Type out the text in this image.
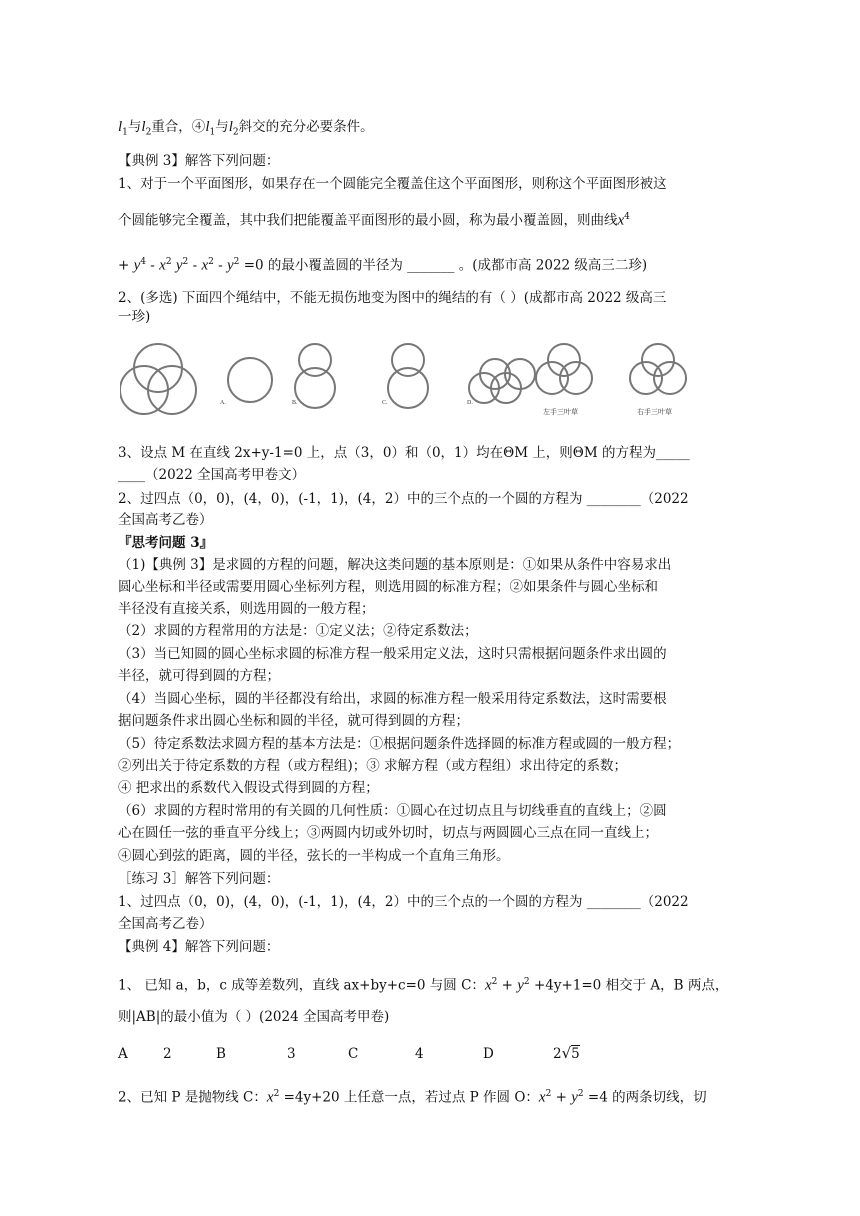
$l_1$与$l_2$重合，$④l_1$与$l_2$斜交的充分必要条件。
【典例 3】解答下列问题：
1、对于一个平面图形，如果存在一个圆能完全覆盖住这个平面图形，则称这个平面图形被这
个圆能够完全覆盖，其中我们把能覆盖平面图形的最小圆，称为最小覆盖圆，则曲线$x^4$
+ $y^4 - x^2$ $y^2 - x^2 - y^2 =0$ 的最小覆盖圆的半径为 _______ 。(成都市高 2022 级高三二珍)
2、(多选) 下面四个绳结中，不能无损伤地变为图中的绳结的有（ ）(成都市高 2022 级高三
一珍)
A.	B.	C.	D.
左手三叶草	右手三叶草
3、设点 M 在直线 2x+y-1=0 上，点（3，0）和（0，1）均在ΘM 上，则ΘM 的方程为_____
____（2022 全国高考甲卷文）
2、过四点（0，0)，(4，0)，(-1，1)，(4，2）中的三个点的一个圆的方程为 ________（2022
全国高考乙卷）
『思考问题 3』
（1)【典例 3】是求圆的方程的问题，解决这类问题的基本原则是：①如果从条件中容易求出
圆心坐标和半径或需要用圆心坐标列方程，则选用圆的标准方程；②如果条件与圆心坐标和
半径没有直接关系，则选用圆的一般方程；
（2）求圆的方程常用的方法是：①定义法；②待定系数法；
（3）当已知圆的圆心坐标求圆的标准方程一般采用定义法，这时只需根据问题条件求出圆的
半径，就可得到圆的方程；
（4）当圆心坐标，圆的半径都没有给出，求圆的标准方程一般采用待定系数法，这时需要根
据问题条件求出圆心坐标和圆的半径，就可得到圆的方程；
（5）待定系数法求圆方程的基本方法是：①根据问题条件选择圆的标准方程或圆的一般方程；
②列出关于待定系数的方程（或方程组)；③ 求解方程（或方程组）求出待定的系数；
④ 把求出的系数代入假设式得到圆的方程；
（6）求圆的方程时常用的有关圆的几何性质：①圆心在过切点且与切线垂直的直线上；②圆
心在圆任一弦的垂直平分线上；③两圆内切或外切时，切点与两圆圆心三点在同一直线上；
④圆心到弦的距离，圆的半径，弦长的一半构成一个直角三角形。
［练习 3］解答下列问题：
1、过四点（0，0)，(4，0)，(-1，1)，(4，2）中的三个点的一个圆的方程为 ________（2022
全国高考乙卷）
【典例 4】解答下列问题：
1、 已知 a，b，c 成等差数列，直线 ax+by+c=0 与圆 C：$x^2 + y^2 +4y+1=0$ 相交于 A，B 两点，
则|AB|的最小值为（ ）(2024 全国高考甲卷)
A	2	B	3	C	4	D	2√5
2、已知 P 是抛物线 C：$x^2 =4y+20$ 上任意一点，若过点 P 作圆 O：$x^2 + y^2 =4$ 的两条切线，切
